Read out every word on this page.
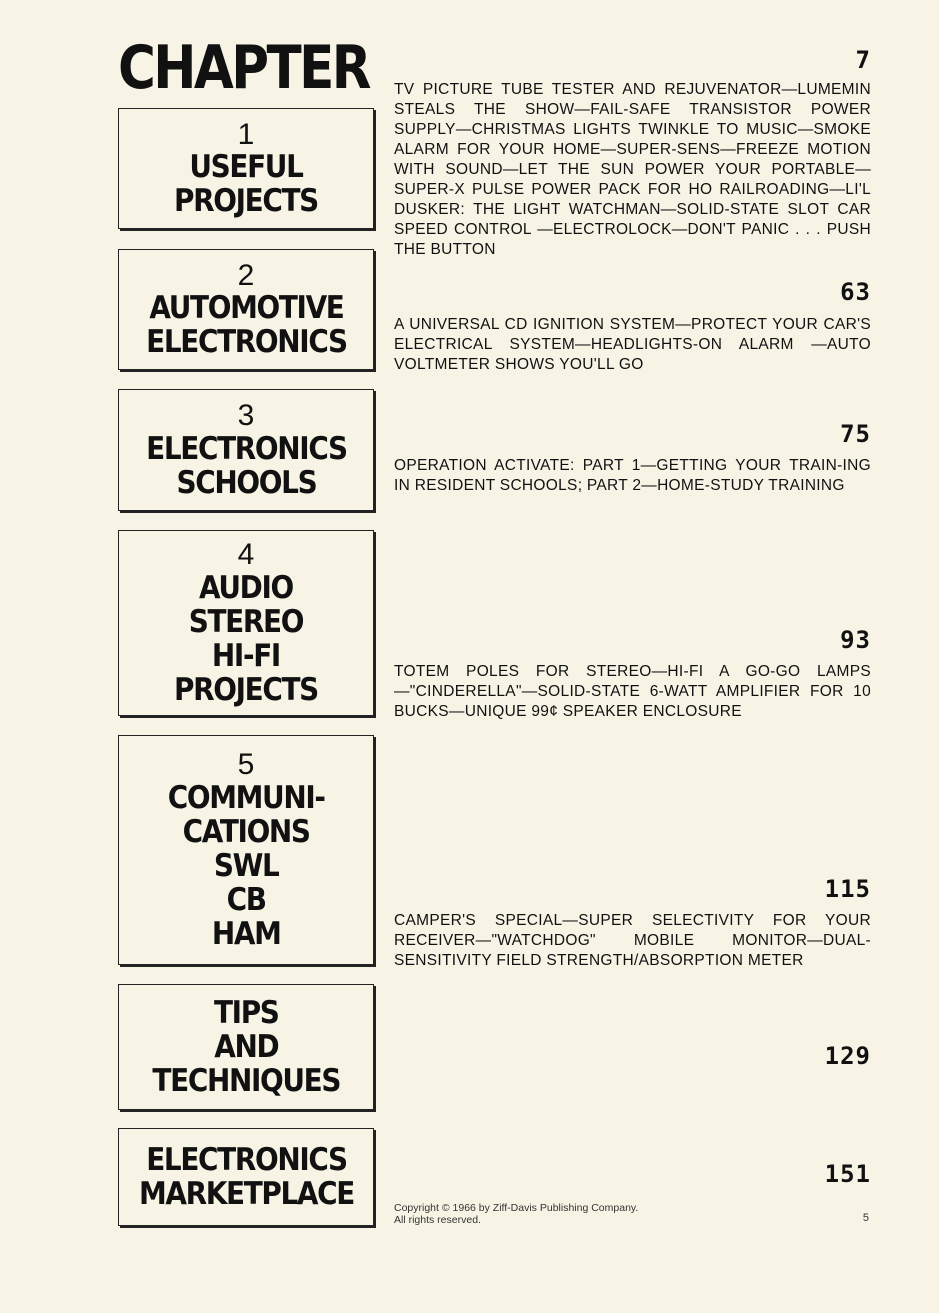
CHAPTER
1
USEFUL
PROJECTS
7

TV PICTURE TUBE TESTER AND REJUVENATOR—LUMEMIN STEALS THE SHOW—FAIL-SAFE TRANSISTOR POWER SUPPLY—CHRISTMAS LIGHTS TWINKLE TO MUSIC—SMOKE ALARM FOR YOUR HOME—SUPER-SENS—FREEZE MOTION WITH SOUND—LET THE SUN POWER YOUR PORTABLE—SUPER-X PULSE POWER PACK FOR HO RAILROADING—LI'L DUSKER: THE LIGHT WATCHMAN—SOLID-STATE SLOT CAR SPEED CONTROL —ELECTROLOCK—DON'T PANIC . . . PUSH THE BUTTON

2
AUTOMOTIVE
ELECTRONICS
63

A UNIVERSAL CD IGNITION SYSTEM—PROTECT YOUR CAR'S ELECTRICAL SYSTEM—HEADLIGHTS-ON ALARM —AUTO VOLTMETER SHOWS YOU'LL GO

3
ELECTRONICS
SCHOOLS
75

OPERATION ACTIVATE: PART 1—GETTING YOUR TRAIN-ING IN RESIDENT SCHOOLS; PART 2—HOME-STUDY TRAINING

4
AUDIO
STEREO
HI-FI
PROJECTS
93

TOTEM POLES FOR STEREO—HI-FI A GO-GO LAMPS—"CINDERELLA"—SOLID-STATE 6-WATT AMPLIFIER FOR 10 BUCKS—UNIQUE 99¢ SPEAKER ENCLOSURE

5
COMMUNI-
CATIONS
SWL
CB
HAM
115

CAMPER'S SPECIAL—SUPER SELECTIVITY FOR YOUR RECEIVER—"WATCHDOG" MOBILE MONITOR—DUAL-SENSITIVITY FIELD STRENGTH/ABSORPTION METER

TIPS
AND
TECHNIQUES
129
ELECTRONICS
MARKETPLACE
151
Copyright © 1966 by Ziff-Davis Publishing Company.
All rights reserved.	5
